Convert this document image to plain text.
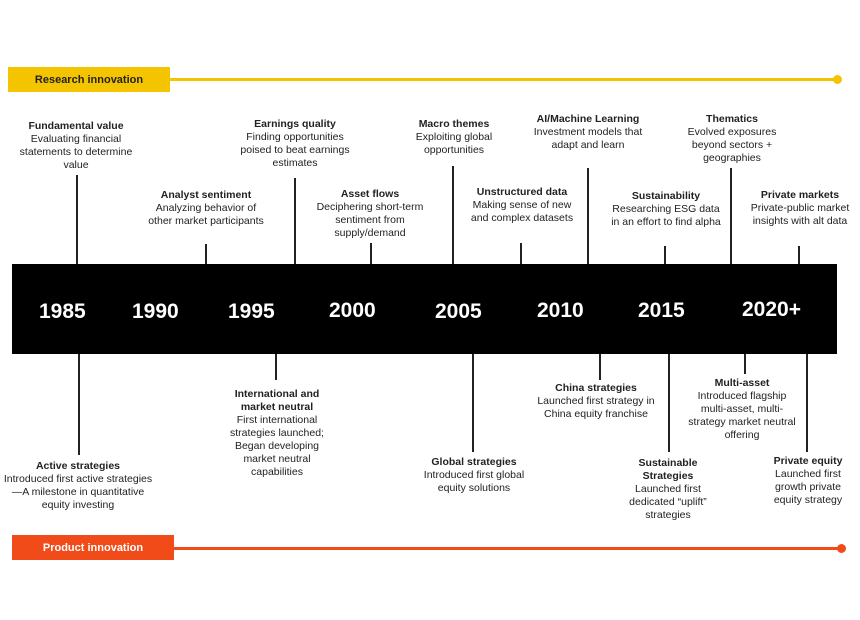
Research innovation
Fundamental value
Evaluating financial statements to determine value
Analyst sentiment
Analyzing behavior of other market participants
Earnings quality
Finding opportunities poised to beat earnings estimates
Asset flows
Deciphering short-term sentiment from supply/demand
Macro themes
Exploiting global opportunities
Unstructured data
Making sense of new and complex datasets
AI/Machine Learning
Investment models that adapt and learn
Sustainability
Researching ESG data in an effort to find alpha
Thematics
Evolved exposures beyond sectors + geographies
Private markets
Private-public market insights with alt data
1985 1990 1995	2000	2005	2010	2015	2020+
Active strategies
Introduced first active strategies—A milestone in quantitative equity investing
International and market neutral
First international strategies launched; Began developing market neutral capabilities
Global strategies
Introduced first global equity solutions
China strategies
Launched first strategy in China equity franchise
Sustainable Strategies
Launched first dedicated “uplift” strategies
Multi-asset
Introduced flagship multi-asset, multi-strategy market neutral offering
Private equity
Launched first growth private equity strategy
Product innovation
